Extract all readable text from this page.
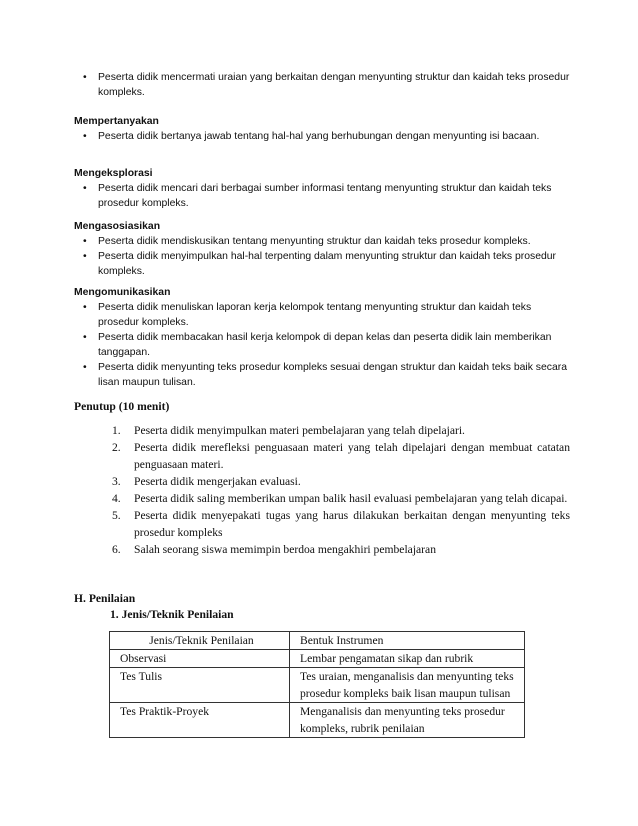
• Peserta didik mencermati uraian yang berkaitan dengan menyunting struktur dan kaidah teks prosedur kompleks.

Mempertanyakan

• Peserta didik bertanya jawab tentang hal-hal yang berhubungan dengan menyunting isi bacaan.

Mengeksplorasi

• Peserta didik mencari dari berbagai sumber informasi tentang menyunting struktur dan kaidah teks prosedur kompleks.

Mengasosiasikan

• Peserta didik mendiskusikan tentang menyunting struktur dan kaidah teks prosedur kompleks.
• Peserta didik menyimpulkan hal-hal terpenting dalam menyunting struktur dan kaidah teks prosedur kompleks.

Mengomunikasikan

• Peserta didik menuliskan laporan kerja kelompok tentang menyunting struktur dan kaidah teks prosedur kompleks.
• Peserta didik membacakan hasil kerja kelompok di depan kelas dan peserta didik lain memberikan tanggapan.
• Peserta didik menyunting teks prosedur kompleks sesuai dengan struktur dan kaidah teks baik secara lisan maupun tulisan.
Penutup (10 menit)
1. Peserta didik menyimpulkan materi pembelajaran yang telah dipelajari.
2. Peserta didik merefleksi penguasaan materi yang telah dipelajari dengan membuat catatan penguasaan materi.
3. Peserta didik mengerjakan evaluasi.
4. Peserta didik saling memberikan umpan balik hasil evaluasi pembelajaran yang telah dicapai.
5. Peserta didik menyepakati tugas yang harus dilakukan berkaitan dengan menyunting teks prosedur kompleks
6. Salah seorang siswa memimpin berdoa mengakhiri pembelajaran
H. Penilaian
1. Jenis/Teknik Penilaian
Jenis/Teknik Penilaian	Bentuk Instrumen
Observasi	Lembar pengamatan sikap dan rubrik
Tes Tulis	Tes uraian, menganalisis dan menyunting teks prosedur kompleks baik lisan maupun tulisan
Tes Praktik-Proyek	Menganalisis dan menyunting teks prosedur kompleks, rubrik penilaian
